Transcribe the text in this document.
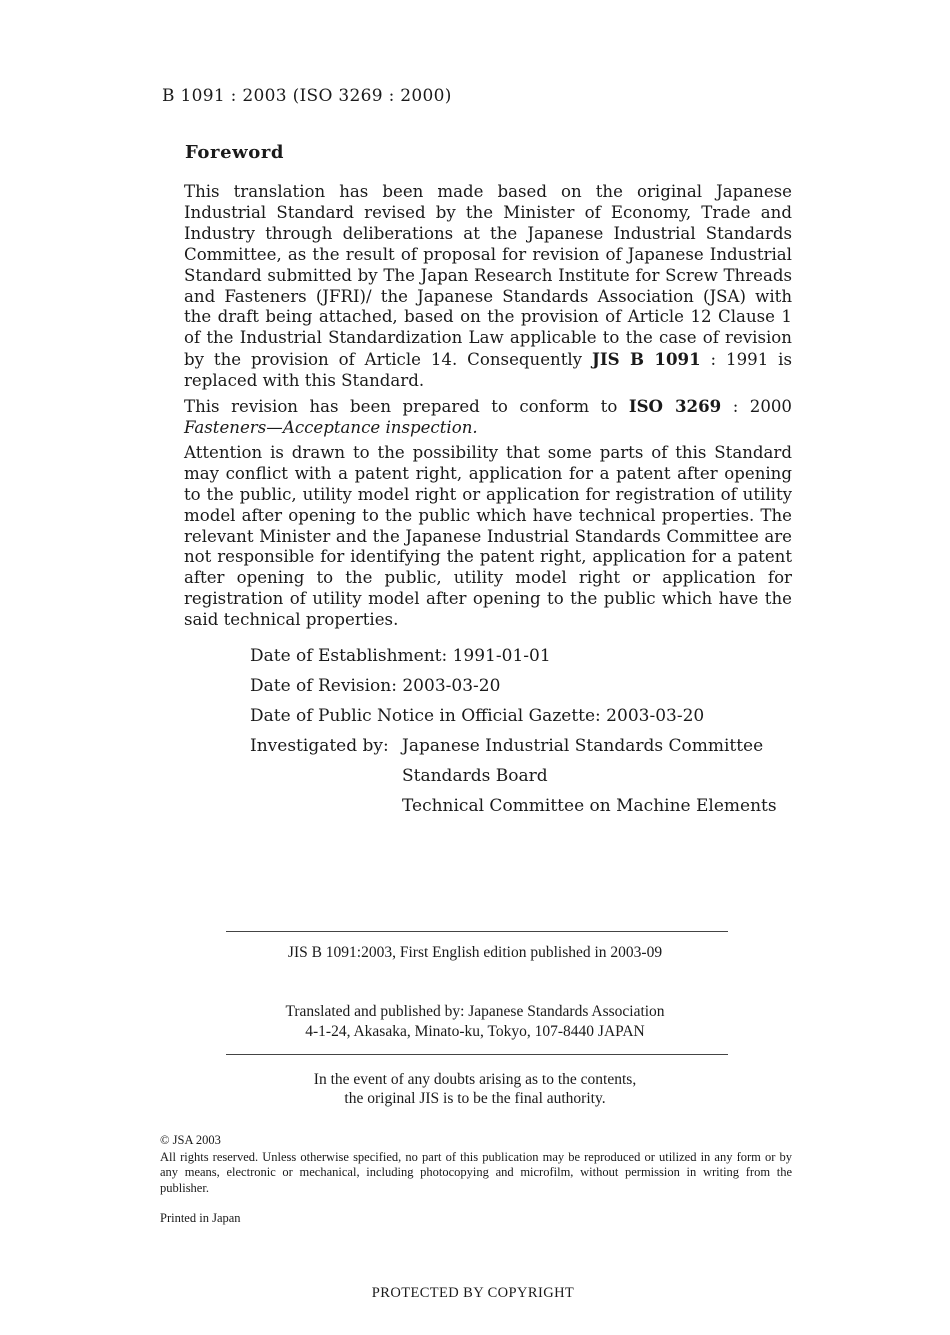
B 1091 : 2003 (ISO 3269 : 2000)
Foreword

This translation has been made based on the original Japanese Industrial Standard revised by the Minister of Economy, Trade and Industry through deliberations at the Japanese Industrial Standards Committee, as the result of proposal for revision of Japanese Industrial Standard submitted by The Japan Research Institute for Screw Threads and Fasteners (JFRI)/ the Japanese Standards Association (JSA) with the draft being attached, based on the provision of Article 12 Clause 1 of the Industrial Standardization Law applicable to the case of revision by the provision of Article 14. Consequently JIS B 1091 : 1991 is replaced with this Standard.

This revision has been prepared to conform to ISO 3269 : 2000 Fasteners—Acceptance inspection.

Attention is drawn to the possibility that some parts of this Standard may conflict with a patent right, application for a patent after opening to the public, utility model right or application for registration of utility model after opening to the public which have technical properties. The relevant Minister and the Japanese Industrial Standards Committee are not responsible for identifying the patent right, application for a patent after opening to the public, utility model right or application for registration of utility model after opening to the public which have the said technical properties.

Date of Establishment: 1991-01-01
Date of Revision: 2003-03-20
Date of Public Notice in Official Gazette: 2003-03-20
Investigated by: Japanese Industrial Standards Committee
Standards Board
Technical Committee on Machine Elements
JIS B 1091:2003, First English edition published in 2003-09
Translated and published by: Japanese Standards Association
4-1-24, Akasaka, Minato-ku, Tokyo, 107-8440 JAPAN
In the event of any doubts arising as to the contents,
the original JIS is to be the final authority.
© JSA 2003
All rights reserved. Unless otherwise specified, no part of this publication may be reproduced or utilized in any form or by any means, electronic or mechanical, including photocopying and microfilm, without permission in writing from the publisher.
Printed in Japan
PROTECTED BY COPYRIGHT
